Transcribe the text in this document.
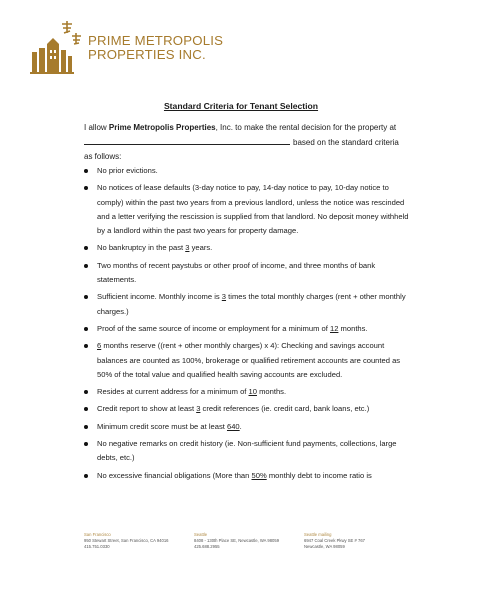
PRIME METROPOLIS
PROPERTIES INC.
Standard Criteria for Tenant Selection
I allow Prime Metropolis Properties, Inc. to make the rental decision for the property at
based on the standard criteria
as follows:
No prior evictions.
No notices of lease defaults (3-day notice to pay, 14-day notice to pay, 10-day notice to comply) within the past two years from a previous landlord, unless the notice was rescinded and a letter verifying the rescission is supplied from that landlord. No deposit money withheld by a landlord within the past two years for property damage.
No bankruptcy in the past 3 years.
Two months of recent paystubs or other proof of income, and three months of bank statements.
Sufficient income. Monthly income is 3 times the total monthly charges (rent + other monthly charges.)
Proof of the same source of income or employment for a minimum of 12 months.
6 months reserve ((rent + other monthly charges) x 4): Checking and savings account balances are counted as 100%, brokerage or qualified retirement accounts are counted as 50% of the total value and qualified health saving accounts are excluded.
Resides at current address for a minimum of 10 months.
Credit report to show at least 3 credit references (ie. credit card, bank loans, etc.)
Minimum credit score must be at least 640.
No negative remarks on credit history (ie. Non-sufficient fund payments, collections, large debts, etc.)
No excessive financial obligations (More than 50% monthly debt to income ratio is
San Francisco
950 Stewart Street, San Francisco, CA 94016
415.751.0330
Seattle
8408 - 130th Place SE, Newcastle, WA 98059
425.688.2955
Seattle mailing
6947 Coal Creek Pkwy SE # 767
Newcastle, WA 98059
